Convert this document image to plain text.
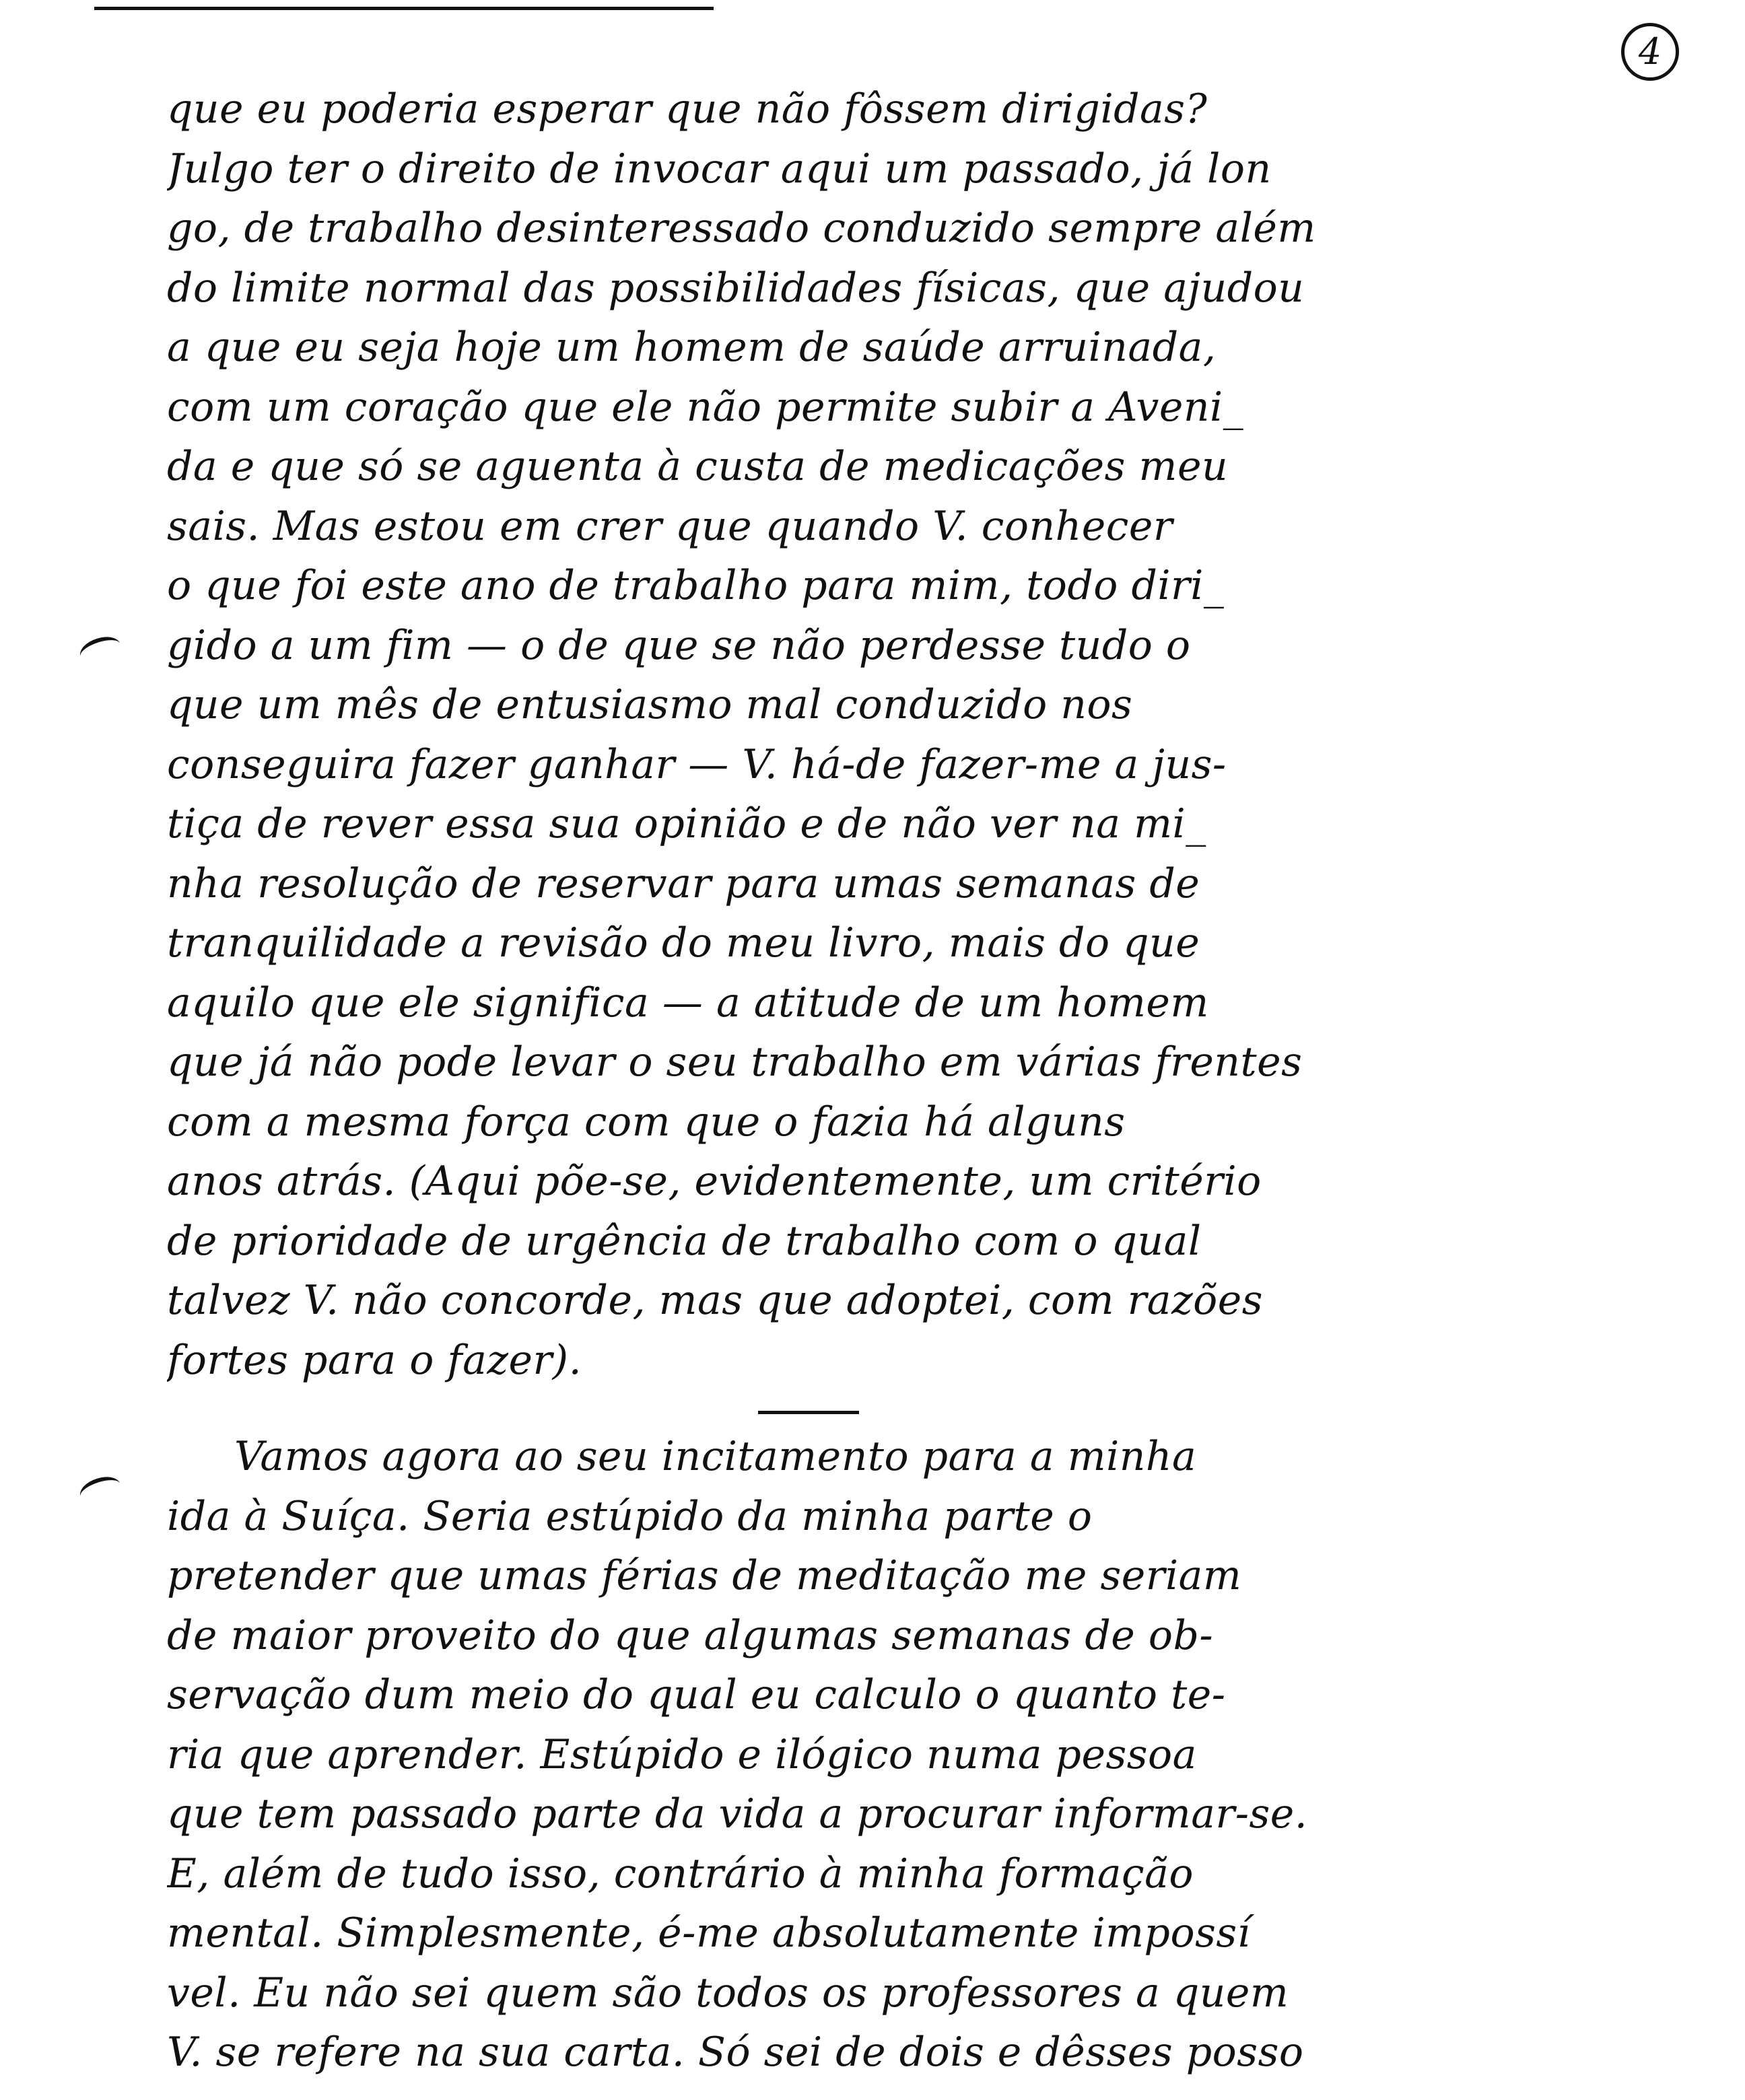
4
que eu poderia esperar que não fôssem dirigidas?
Julgo ter o direito de invocar aqui um passado, já lon
go, de trabalho desinteressado conduzido sempre além
do limite normal das possibilidades físicas, que ajudou
a que eu seja hoje um homem de saúde arruinada,
com um coração que ele não permite subir a Aveni_
da e que só se aguenta à custa de medicações meu
sais. Mas estou em crer que quando V. conhecer
o que foi este ano de trabalho para mim, todo diri_
gido a um fim — o de que se não perdesse tudo o
que um mês de entusiasmo mal conduzido nos
conseguira fazer ganhar — V. há-de fazer-me a jus-
tiça de rever essa sua opinião e de não ver na mi_
nha resolução de reservar para umas semanas de
tranquilidade a revisão do meu livro, mais do que
aquilo que ele significa — a atitude de um homem
que já não pode levar o seu trabalho em várias frentes
com a mesma força com que o fazia há alguns
anos atrás. (Aqui põe-se, evidentemente, um critério
de prioridade de urgência de trabalho com o qual
talvez V. não concorde, mas que adoptei, com razões
fortes para o fazer).
Vamos agora ao seu incitamento para a minha
ida à Suíça. Seria estúpido da minha parte o
pretender que umas férias de meditação me seriam
de maior proveito do que algumas semanas de ob-
servação dum meio do qual eu calculo o quanto te-
ria que aprender. Estúpido e ilógico numa pessoa
que tem passado parte da vida a procurar informar-se.
E, além de tudo isso, contrário à minha formação
mental. Simplesmente, é-me absolutamente impossí
vel. Eu não sei quem são todos os professores a quem
V. se refere na sua carta. Só sei de dois e dêsses posso
